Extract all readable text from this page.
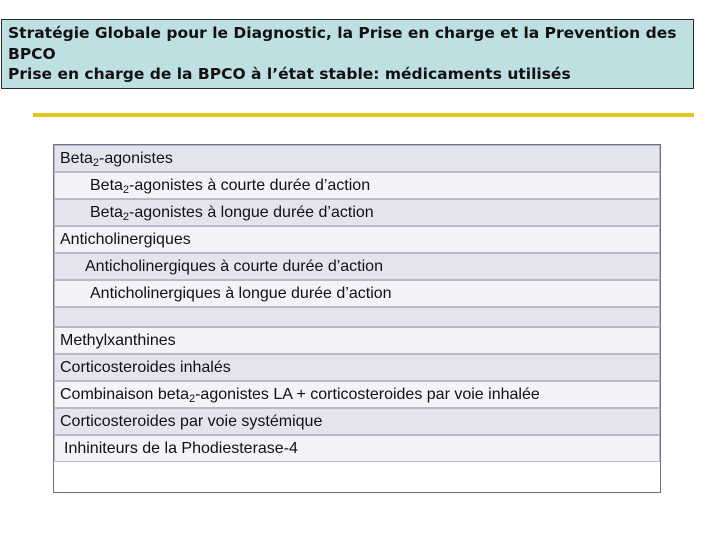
Stratégie Globale pour le Diagnostic, la Prise en charge et la Prevention des
BPCO
Prise en charge de la BPCO à l’état stable: médicaments utilisés
Beta$_2$-agonistes
Beta$_2$-agonistes à courte durée d’action
Beta$_2$-agonistes à longue durée d’action
Anticholinergiques
Anticholinergiques à courte durée d’action
Anticholinergiques à longue durée d’action

Methylxanthines
Corticosteroides inhalés
Combinaison beta$_2$-agonistes LA + corticosteroides par voie inhalée
Corticosteroides par voie systémique
Inhiniteurs de la Phodiesterase-4
